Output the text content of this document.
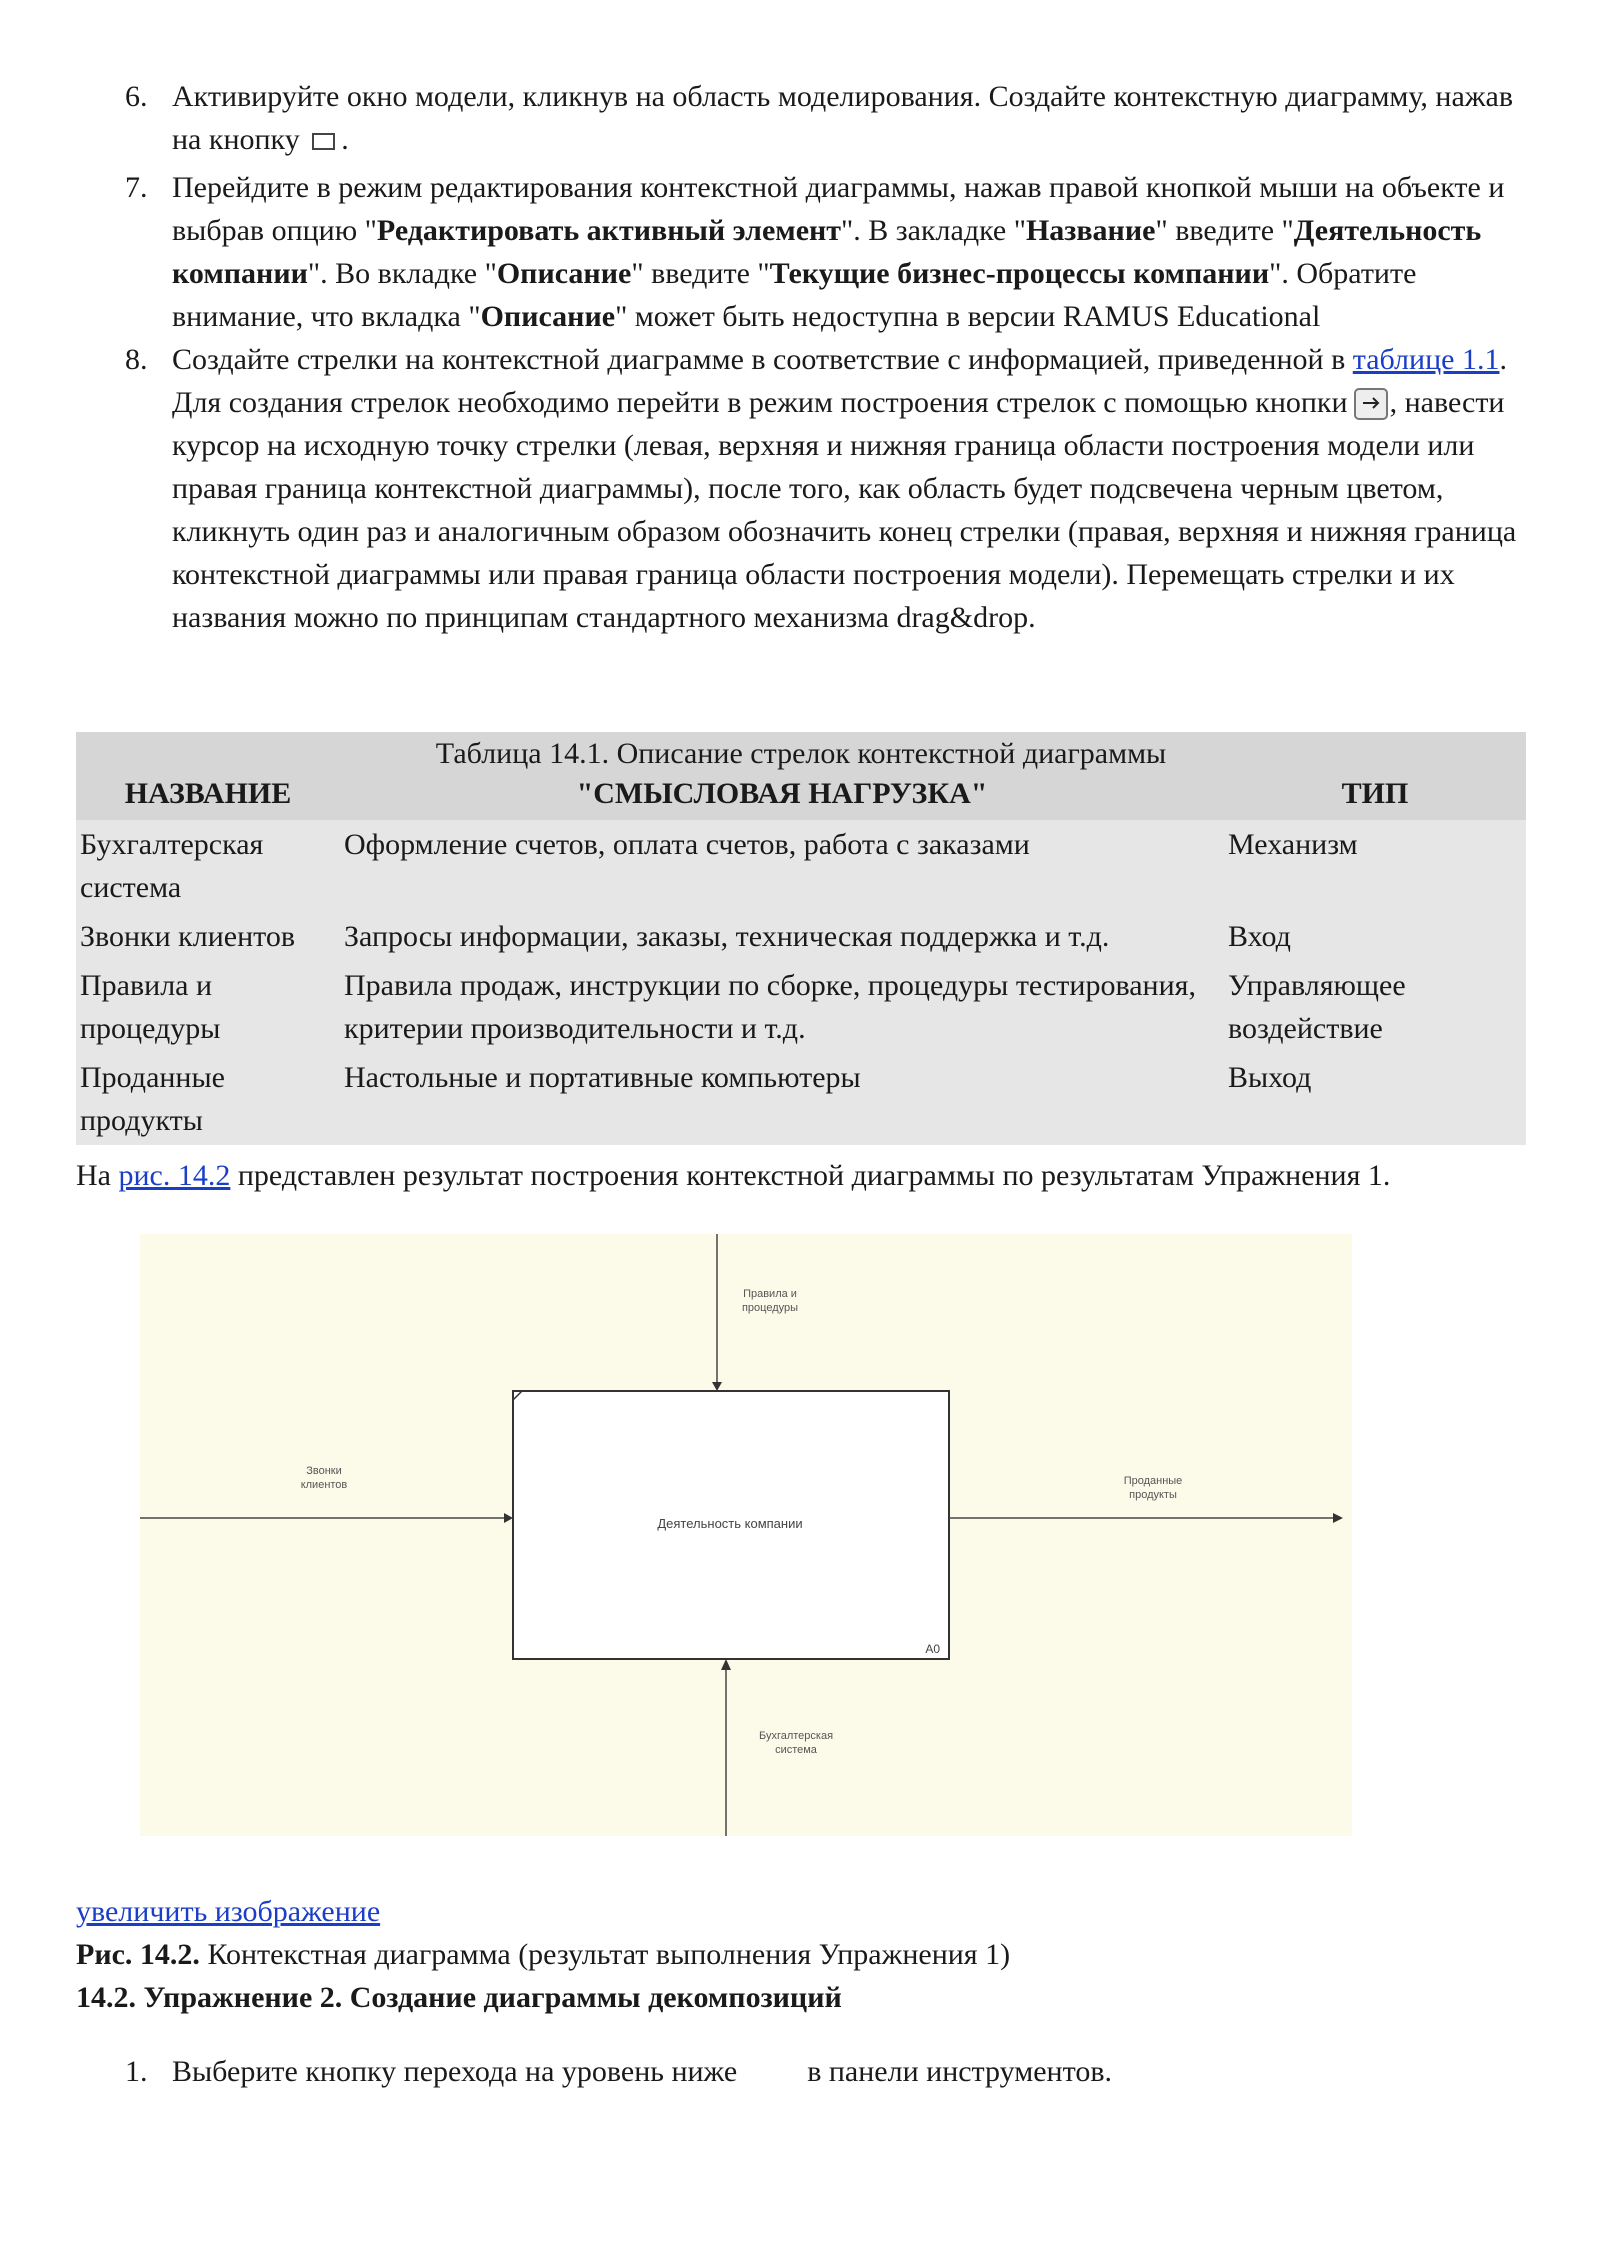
6. Активируйте окно модели, кликнув на область моделирования. Создайте контекстную диаграмму, нажав на кнопку .
7. Перейдите в режим редактирования контекстной диаграммы, нажав правой кнопкой мыши на объекте и выбрав опцию "Редактировать активный элемент". В закладке "Название" введите "Деятельность компании". Во вкладке "Описание" введите "Текущие бизнес-процессы компании". Обратите внимание, что вкладка "Описание" может быть недоступна в версии RAMUS Educational
8. Создайте стрелки на контекстной диаграмме в соответствие с информацией, приведенной в таблице 1.1. Для создания стрелок необходимо перейти в режим построения стрелок с помощью кнопки , навести курсор на исходную точку стрелки (левая, верхняя и нижняя граница области построения модели или правая граница контекстной диаграммы), после того, как область будет подсвечена черным цветом, кликнуть один раз и аналогичным образом обозначить конец стрелки (правая, верхняя и нижняя граница контекстной диаграммы или правая граница области построения модели). Перемещать стрелки и их названия можно по принципам стандартного механизма drag&drop.
Таблица 14.1. Описание стрелок контекстной диаграммы
НАЗВАНИЕ	"СМЫСЛОВАЯ НАГРУЗКА"	ТИП
Бухгалтерская система	Оформление счетов, оплата счетов, работа с заказами	Механизм
Звонки клиентов	Запросы информации, заказы, техническая поддержка и т.д.	Вход
Правила и процедуры	Правила продаж, инструкции по сборке, процедуры тестирования, критерии производительности и т.д.	Управляющее воздействие
Проданные продукты	Настольные и портативные компьютеры	Выход
На рис. 14.2 представлен результат построения контекстной диаграммы по результатам Упражнения 1.
Деятельность компании
A0
Правила и
процедуры
Звонки
клиентов	Проданные
продукты
Бухгалтерская
система
увеличить изображение
Рис. 14.2. Контекстная диаграмма (результат выполнения Упражнения 1)
14.2. Упражнение 2. Создание диаграммы декомпозиций
1. Выберите кнопку перехода на уровень ниже в панели инструментов.
